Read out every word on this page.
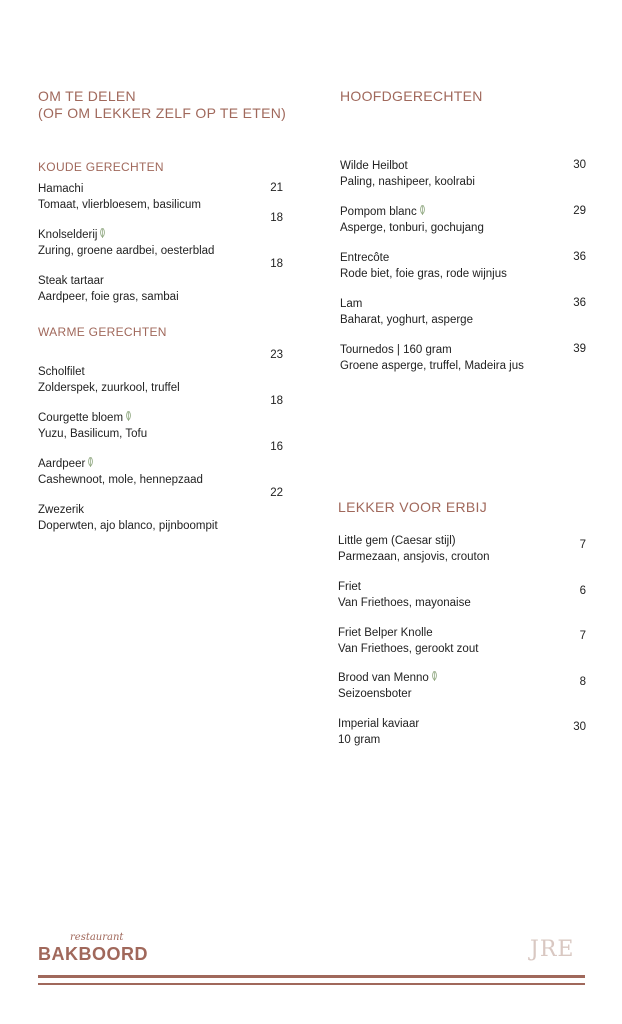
OM TE DELEN
(OF OM LEKKER ZELF OP TE ETEN)
KOUDE GERECHTEN
Hamachi
Tomaat, vlierbloesem, basilicum
21
18
Knolselderij
Zuring, groene aardbei, oesterblad
18
Steak tartaar
Aardpeer, foie gras, sambai
WARME GERECHTEN
23
Scholfilet
Zolderspek, zuurkool, truffel
18
Courgette bloem
Yuzu, Basilicum, Tofu
16
Aardpeer
Cashewnoot, mole, hennepzaad
22
Zwezerik
Doperwten, ajo blanco, pijnboompit
HOOFDGERECHTEN
Wilde Heilbot
Paling, nashipeer, koolrabi
30
Pompom blanc
Asperge, tonburi, gochujang
29
Entrecôte
Rode biet, foie gras, rode wijnjus
36
Lam
Baharat, yoghurt, asperge
36
Tournedos | 160 gram
Groene asperge, truffel, Madeira jus
39
LEKKER VOOR ERBIJ
Little gem (Caesar stijl)
Parmezaan, ansjovis, crouton
7
Friet
Van Friethoes, mayonaise
6
Friet Belper Knolle
Van Friethoes, gerookt zout
7
Brood van Menno
Seizoensboter
8
Imperial kaviaar
10 gram
30
restaurant
BAKBOORD	JRE
